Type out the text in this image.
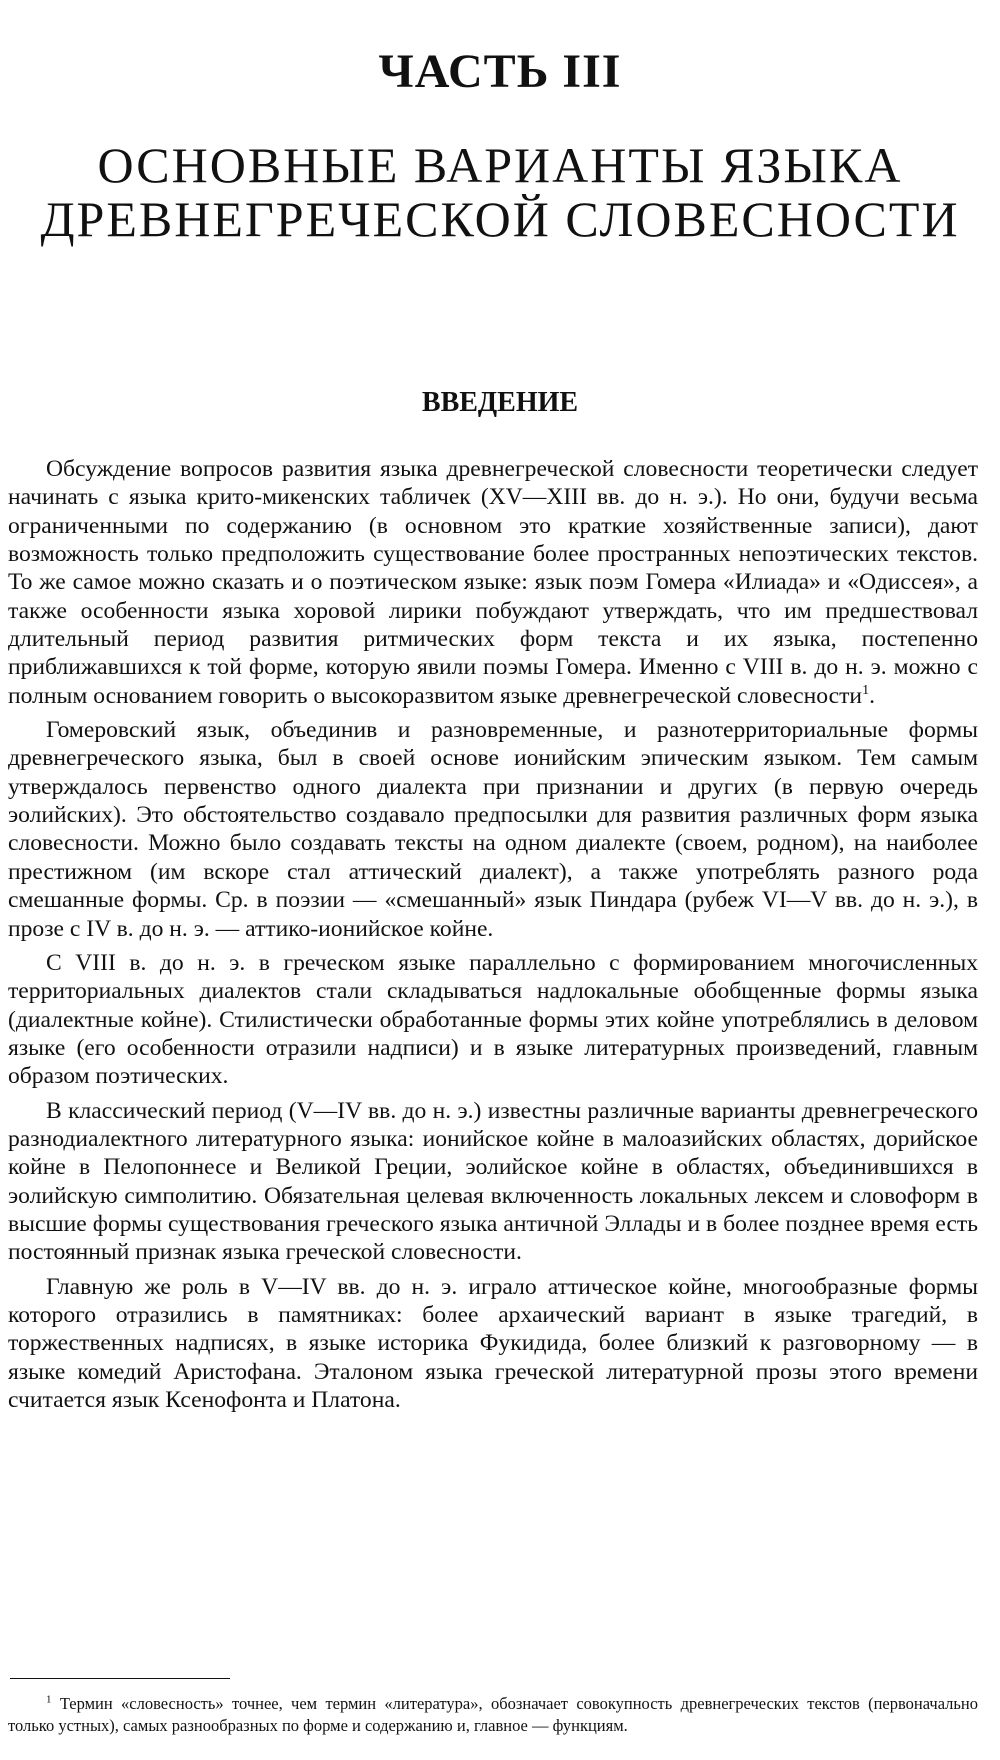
ЧАСТЬ III
ОСНОВНЫЕ ВАРИАНТЫ ЯЗЫКА
ДРЕВНЕГРЕЧЕСКОЙ СЛОВЕСНОСТИ
ВВЕДЕНИЕ

Обсуждение вопросов развития языка древнегреческой словесности теоретически следует начинать с языка крито-микенских табличек (XV—XIII вв. до н. э.). Но они, будучи весьма ограниченными по содержанию (в основном это краткие хозяйственные записи), дают возможность только предположить существование более пространных непоэтических текстов. То же самое можно сказать и о поэтическом языке: язык поэм Гомера «Илиада» и «Одиссея», а также особенности языка хоровой лирики побуждают утверждать, что им предшествовал длительный период развития ритмических форм текста и их языка, постепенно приближавшихся к той форме, которую явили поэмы Гомера. Именно с VIII в. до н. э. можно с полным основанием говорить о высокоразвитом языке древнегреческой словесности$^1$.

Гомеровский язык, объединив и разновременные, и разнотерриториальные формы древнегреческого языка, был в своей основе ионийским эпическим языком. Тем самым утверждалось первенство одного диалекта при признании и других (в первую очередь эолийских). Это обстоятельство создавало предпосылки для развития различных форм языка словесности. Можно было создавать тексты на одном диалекте (своем, родном), на наиболее престижном (им вскоре стал аттический диалект), а также употреблять разного рода смешанные формы. Ср. в поэзии — «смешанный» язык Пиндара (рубеж VI—V вв. до н. э.), в прозе с IV в. до н. э. — аттико-ионийское койне.

С VIII в. до н. э. в греческом языке параллельно с формированием многочисленных территориальных диалектов стали складываться надлокальные обобщенные формы языка (диалектные койне). Стилистически обработанные формы этих койне употреблялись в деловом языке (его особенности отразили надписи) и в языке литературных произведений, главным образом поэтических.

В классический период (V—IV вв. до н. э.) известны различные варианты древнегреческого разнодиалектного литературного языка: ионийское койне в малоазийских областях, дорийское койне в Пелопоннесе и Великой Греции, эолийское койне в областях, объединившихся в эолийскую симполитию. Обязательная целевая включенность локальных лексем и словоформ в высшие формы существования греческого языка античной Эллады и в более позднее время есть постоянный признак языка греческой словесности.

Главную же роль в V—IV вв. до н. э. играло аттическое койне, многообразные формы которого отразились в памятниках: более архаический вариант в языке трагедий, в торжественных надписях, в языке историка Фукидида, более близкий к разговорному — в языке комедий Аристофана. Эталоном языка греческой литературной прозы этого времени считается язык Ксенофонта и Платона.

$^1$ Термин «словесность» точнее, чем термин «литература», обозначает совокупность древнегреческих текстов (первоначально только устных), самых разнообразных по форме и содержанию и, главное — функциям.
